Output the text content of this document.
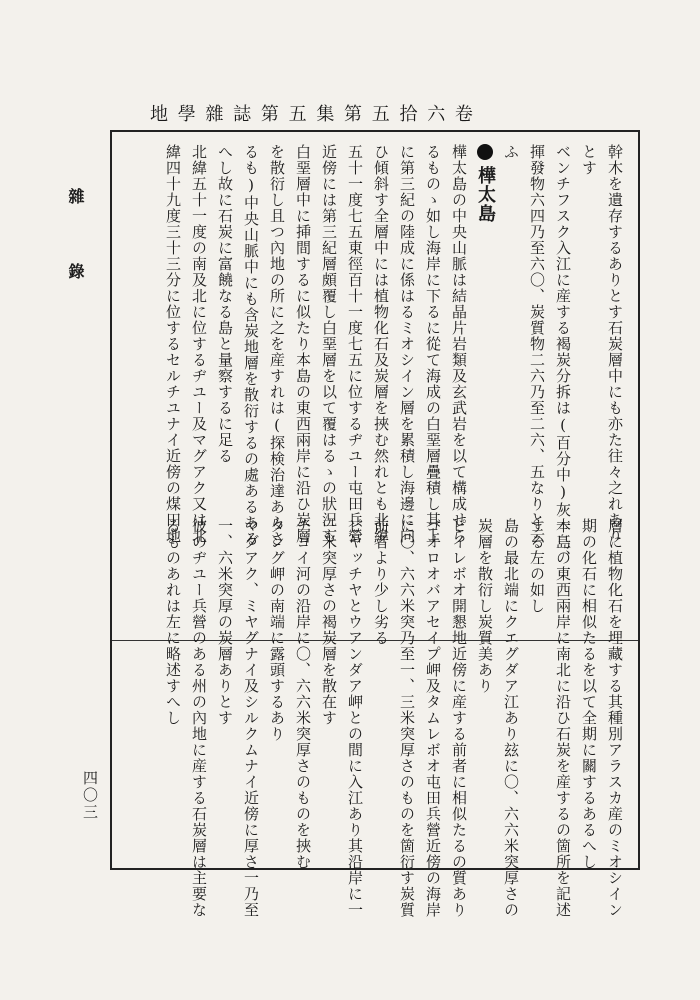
地 學 雜 誌 第 五 集 第 五 拾 六 卷
雜 錄	幹木を遺存するありとす石炭層中にも亦た往々之れあり
とす
ベンチフスク入江に産する褐炭分拆は(百分中)灰一三、
揮發物六四乃至六〇、炭質物二六乃至二六、五なりと云
ふ
樺太島
樺太島の中央山脈は結晶片岩類及玄武岩を以て構成せら
るものゝ如し海岸に下るに從て海成の白堊層疊積し其上
に第三紀の陸成に係はるミオシイン層を累積し海邊に向
ひ傾斜す全層中には植物化石及炭層を挾む然れとも北緯
五十一度七五東徑百十一度七五に位するヂユー屯田兵營
近傍には第三紀層頗覆し白堊層を以て覆はるゝの狀況も
白堊層中に挿間するに似たり本島の東西兩岸に沿ひ炭層
を散衍し且つ內地の所に之を産すれは(探検治達あらさ
るも)中央山脈中にも含炭地層を散衍するの處あるある
へし故に石炭に富饒なる島と量察するに足る
北緯五十一度の南及北に位するヂユー及マグアク又は北
緯四十九度三十三分に位するセルチユナイ近傍の煤田地
層に植物化石を埋藏する其種別アラスカ産のミオシイン
期の化石に相似たるを以て全期に關するあるへし
本島の東西兩岸に南北に沿ひ石炭を産するの箇所を記述
する左の如し
島の最北端にクエグダア江あり玆に〇、六六米突厚さの
炭層を散衍し炭質美あり
ピイレボオ開懇地近傍に産する前者に相似たるの質あり
ゴオロオバアセイプ岬及タムレボオ屯田兵營近傍の海岸
に〇、六六米突乃至一、三米突厚さのものを箇衍す炭質
前者より少し劣る
ピヤッチヤとウアンダア岬との間に入江あり其沿岸に一
三米突厚さの褐炭層を散在す
チヨイ河の沿岸に〇、六六米突厚さのものを挾む
タング岬の南端に露頭するあり
マグアク、ミヤグナイ及シルクムナイ近傍に厚さ一乃至
一、六米突厚の炭層ありとす
彼のヂユー兵營のある州の內地に産する石炭層は主要な
るものあれは左に略述すへし
四〇三
